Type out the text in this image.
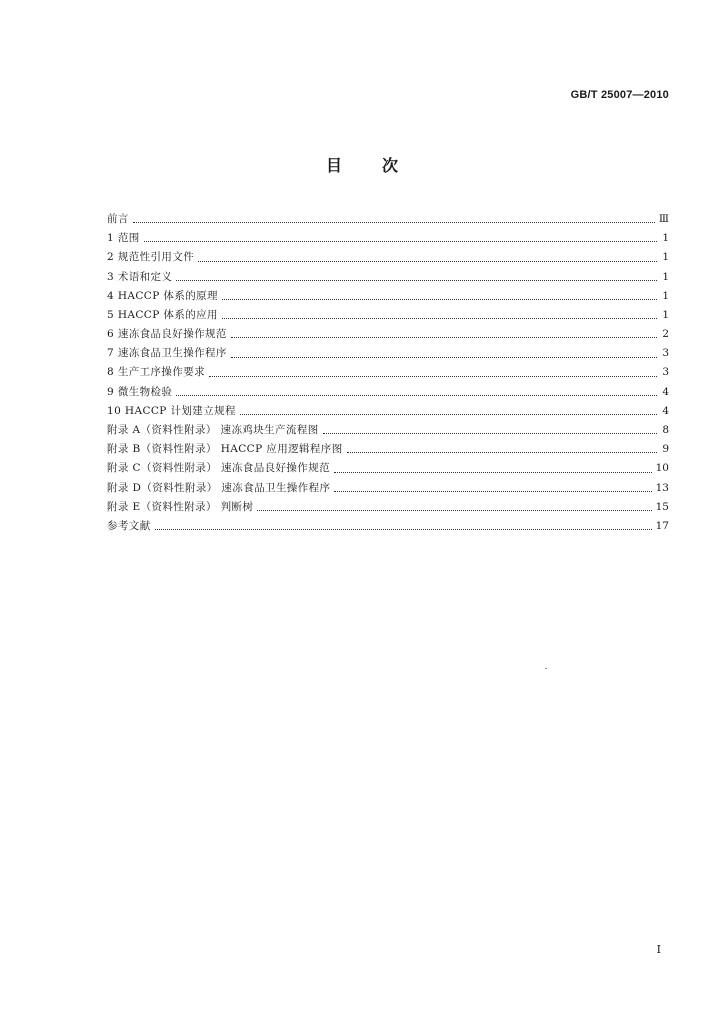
GB/T 25007—2010
目次
前言	Ⅲ
1 范围	1
2 规范性引用文件	1
3 术语和定义	1
4 HACCP 体系的原理	1
5 HACCP 体系的应用	1
6 速冻食品良好操作规范	2
7 速冻食品卫生操作程序	3
8 生产工序操作要求	3
9 微生物检验	4
10 HACCP 计划建立规程	4
附录 A（资料性附录） 速冻鸡块生产流程图	8
附录 B（资料性附录） HACCP 应用逻辑程序图	9
附录 C（资料性附录） 速冻食品良好操作规范	10
附录 D（资料性附录） 速冻食品卫生操作程序	13
附录 E（资料性附录） 判断树	15
参考文献	17
Ⅰ
